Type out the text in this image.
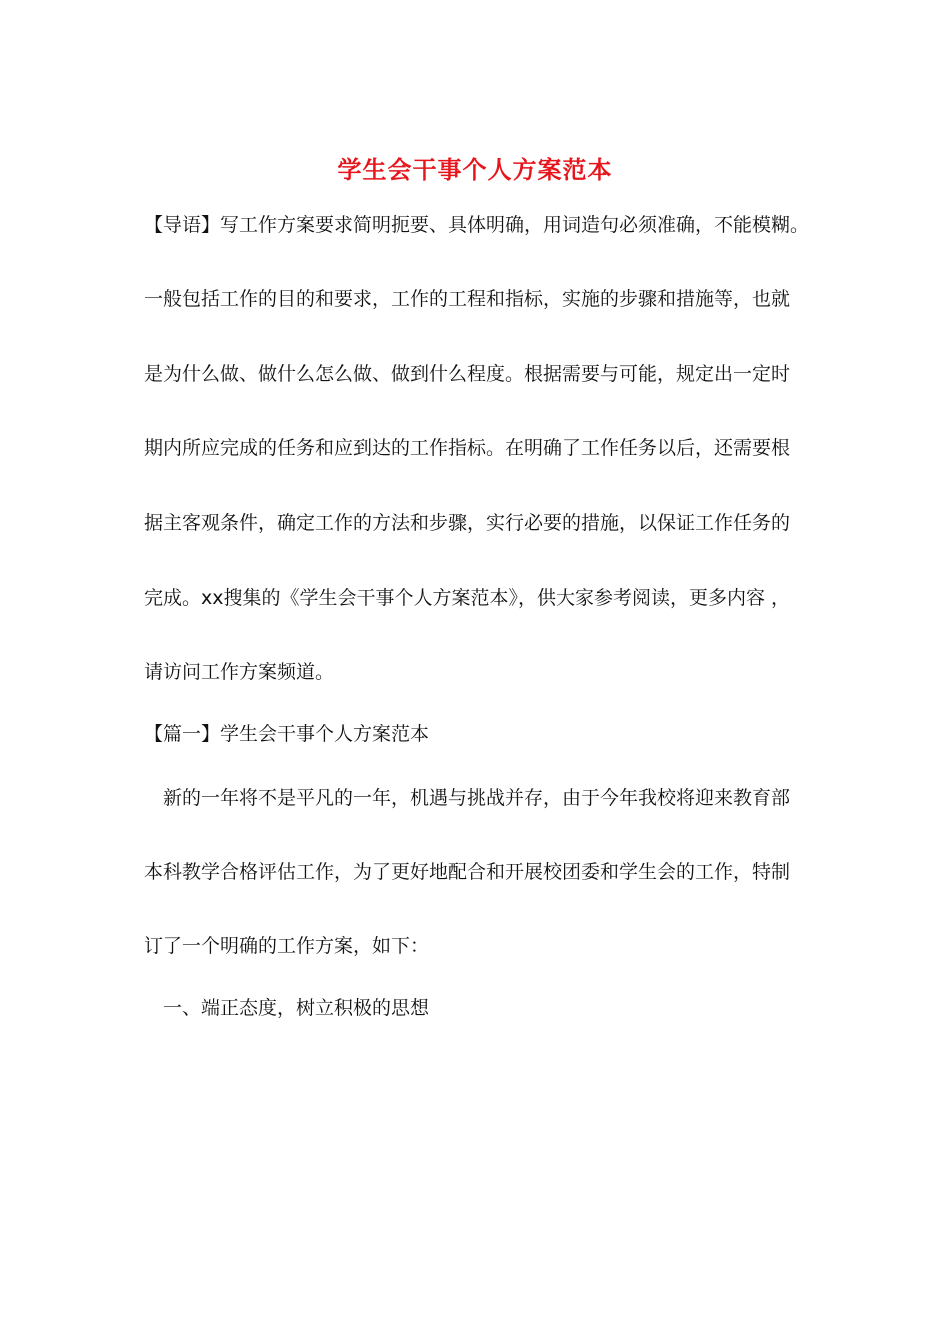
学生会干事个人方案范本
【导语】写工作方案要求简明扼要、具体明确，用词造句必须准确，不能模糊。
一般包括工作的目的和要求，工作的工程和指标，实施的步骤和措施等，也就
是为什么做、做什么怎么做、做到什么程度。根据需要与可能，规定出一定时
期内所应完成的任务和应到达的工作指标。在明确了工作任务以后，还需要根
据主客观条件，确定工作的方法和步骤，实行必要的措施，以保证工作任务的
完成。xx搜集的《学生会干事个人方案范本》，供大家参考阅读，更多内容 ，
请访问工作方案频道。
【篇一】学生会干事个人方案范本
新的一年将不是平凡的一年，机遇与挑战并存，由于今年我校将迎来教育部
本科教学合格评估工作，为了更好地配合和开展校团委和学生会的工作，特制
订了一个明确的工作方案，如下：
一、端正态度，树立积极的思想
